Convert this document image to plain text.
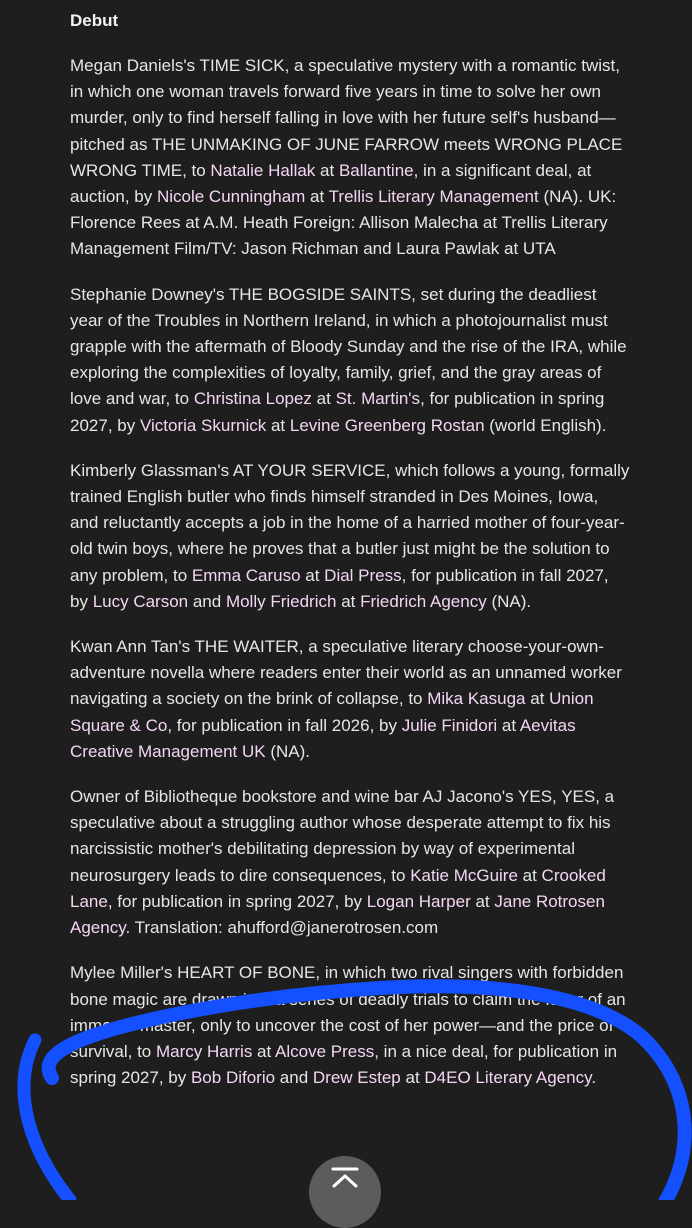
Debut
Megan Daniels's TIME SICK, a speculative mystery with a romantic twist, in which one woman travels forward five years in time to solve her own murder, only to find herself falling in love with her future self's husband—pitched as THE UNMAKING OF JUNE FARROW meets WRONG PLACE WRONG TIME, to Natalie Hallak at Ballantine, in a significant deal, at auction, by Nicole Cunningham at Trellis Literary Management (NA). UK: Florence Rees at A.M. Heath Foreign: Allison Malecha at Trellis Literary Management Film/TV: Jason Richman and Laura Pawlak at UTA
Stephanie Downey's THE BOGSIDE SAINTS, set during the deadliest year of the Troubles in Northern Ireland, in which a photojournalist must grapple with the aftermath of Bloody Sunday and the rise of the IRA, while exploring the complexities of loyalty, family, grief, and the gray areas of love and war, to Christina Lopez at St. Martin's, for publication in spring 2027, by Victoria Skurnick at Levine Greenberg Rostan (world English).
Kimberly Glassman's AT YOUR SERVICE, which follows a young, formally trained English butler who finds himself stranded in Des Moines, Iowa, and reluctantly accepts a job in the home of a harried mother of four-year-old twin boys, where he proves that a butler just might be the solution to any problem, to Emma Caruso at Dial Press, for publication in fall 2027, by Lucy Carson and Molly Friedrich at Friedrich Agency (NA).
Kwan Ann Tan's THE WAITER, a speculative literary choose-your-own-adventure novella where readers enter their world as an unnamed worker navigating a society on the brink of collapse, to Mika Kasuga at Union Square & Co, for publication in fall 2026, by Julie Finidori at Aevitas Creative Management UK (NA).
Owner of Bibliotheque bookstore and wine bar AJ Jacono's YES, YES, a speculative about a struggling author whose desperate attempt to fix his narcissistic mother's debilitating depression by way of experimental neurosurgery leads to dire consequences, to Katie McGuire at Crooked Lane, for publication in spring 2027, by Logan Harper at Jane Rotrosen Agency. Translation: ahufford@janerotrosen.com
Mylee Miller's HEART OF BONE, in which two rival singers with forbidden bone magic are drawn into a series of deadly trials to claim the favor of an immortal master, only to uncover the cost of her power—and the price of survival, to Marcy Harris at Alcove Press, in a nice deal, for publication in spring 2027, by Bob Diforio and Drew Estep at D4EO Literary Agency.
